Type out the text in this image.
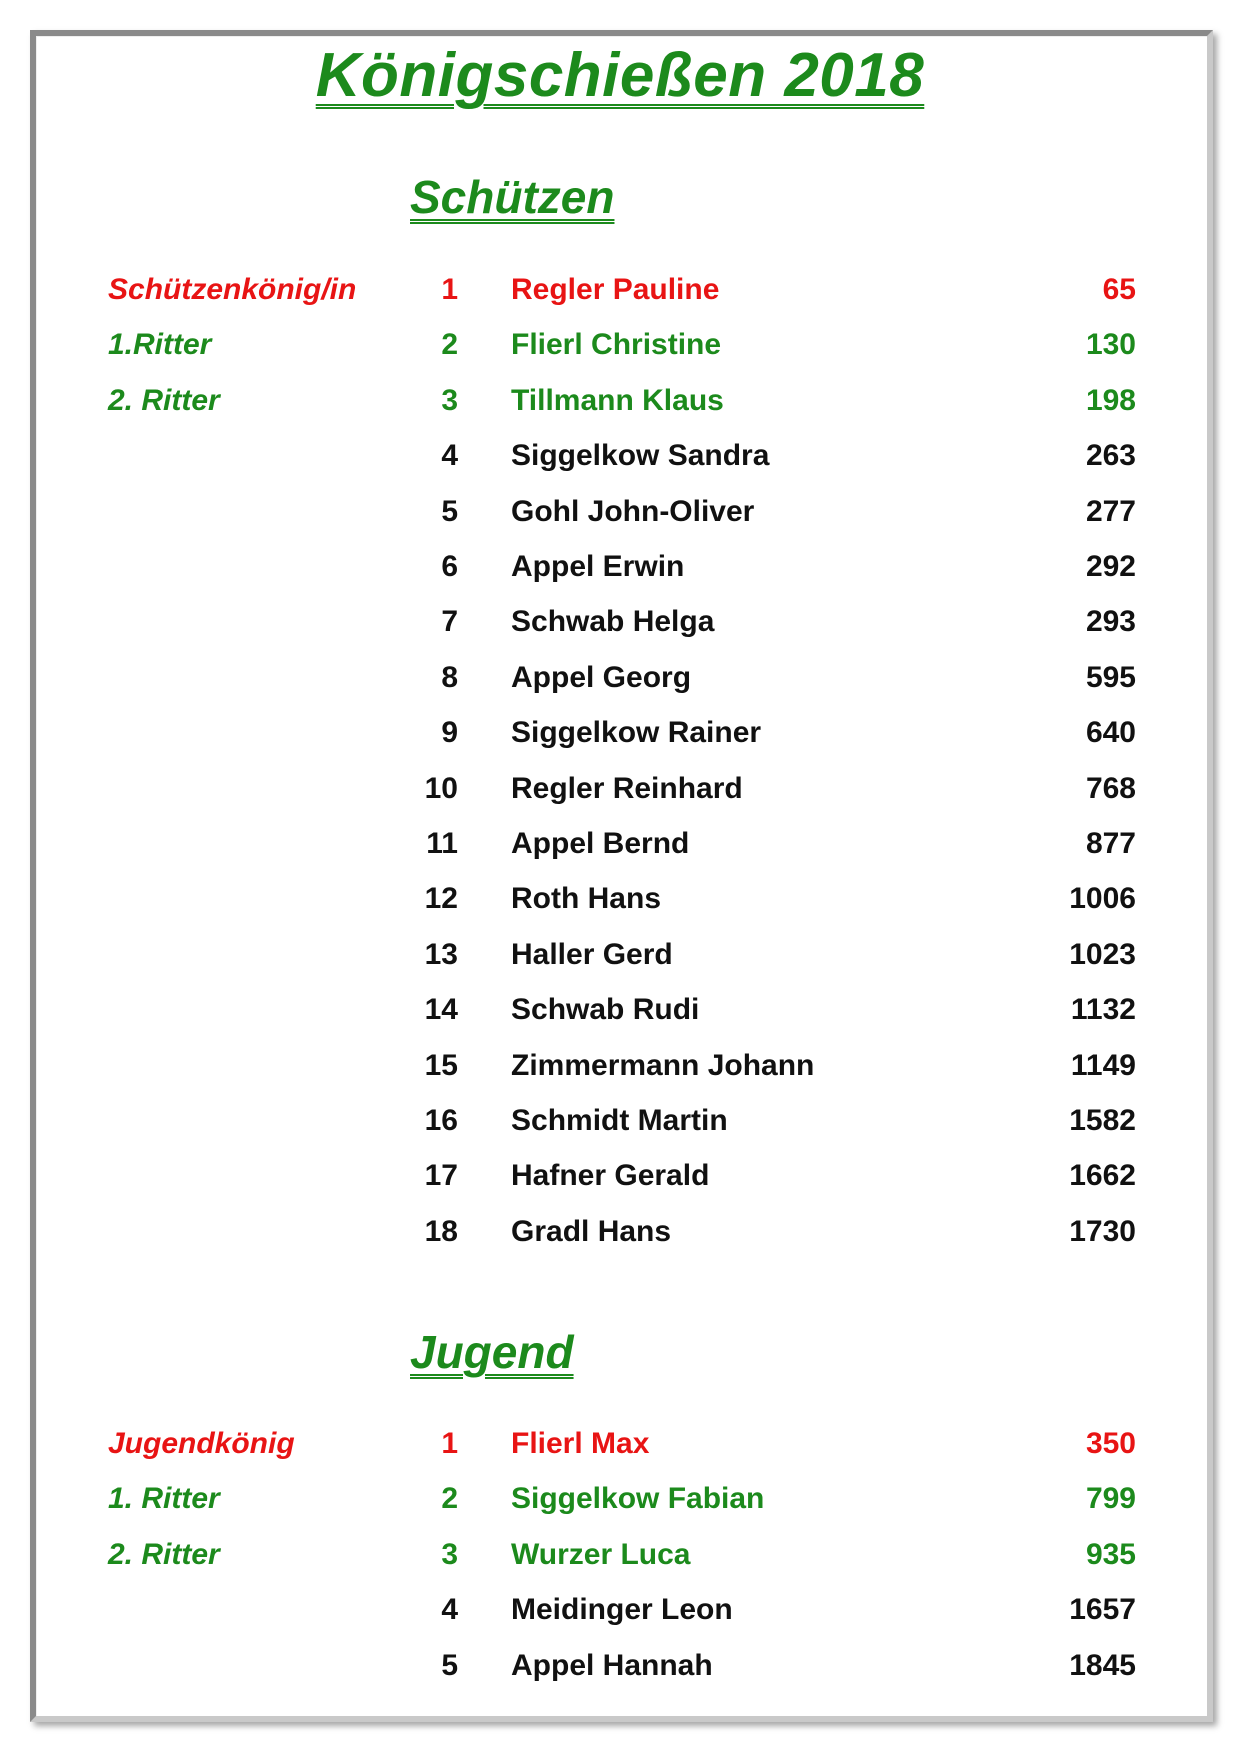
Königschießen 2018
Schützen
Schützenkönig/in	1 Regler Pauline	65
1.Ritter	2 Flierl Christine	130
2. Ritter	3 Tillmann Klaus	198
4 Siggelkow Sandra	263
5 Gohl John-Oliver	277
6 Appel Erwin	292
7 Schwab Helga	293
8 Appel Georg	595
9 Siggelkow Rainer	640
10 Regler Reinhard	768
11 Appel Bernd	877
12 Roth Hans	1006
13 Haller Gerd	1023
14 Schwab Rudi	1132
15 Zimmermann Johann	1149
16 Schmidt Martin	1582
17 Hafner Gerald	1662
18 Gradl Hans	1730
Jugend
Jugendkönig	1 Flierl Max	350
1. Ritter	2 Siggelkow Fabian	799
2. Ritter	3 Wurzer Luca	935
4 Meidinger Leon	1657
5 Appel Hannah	1845
